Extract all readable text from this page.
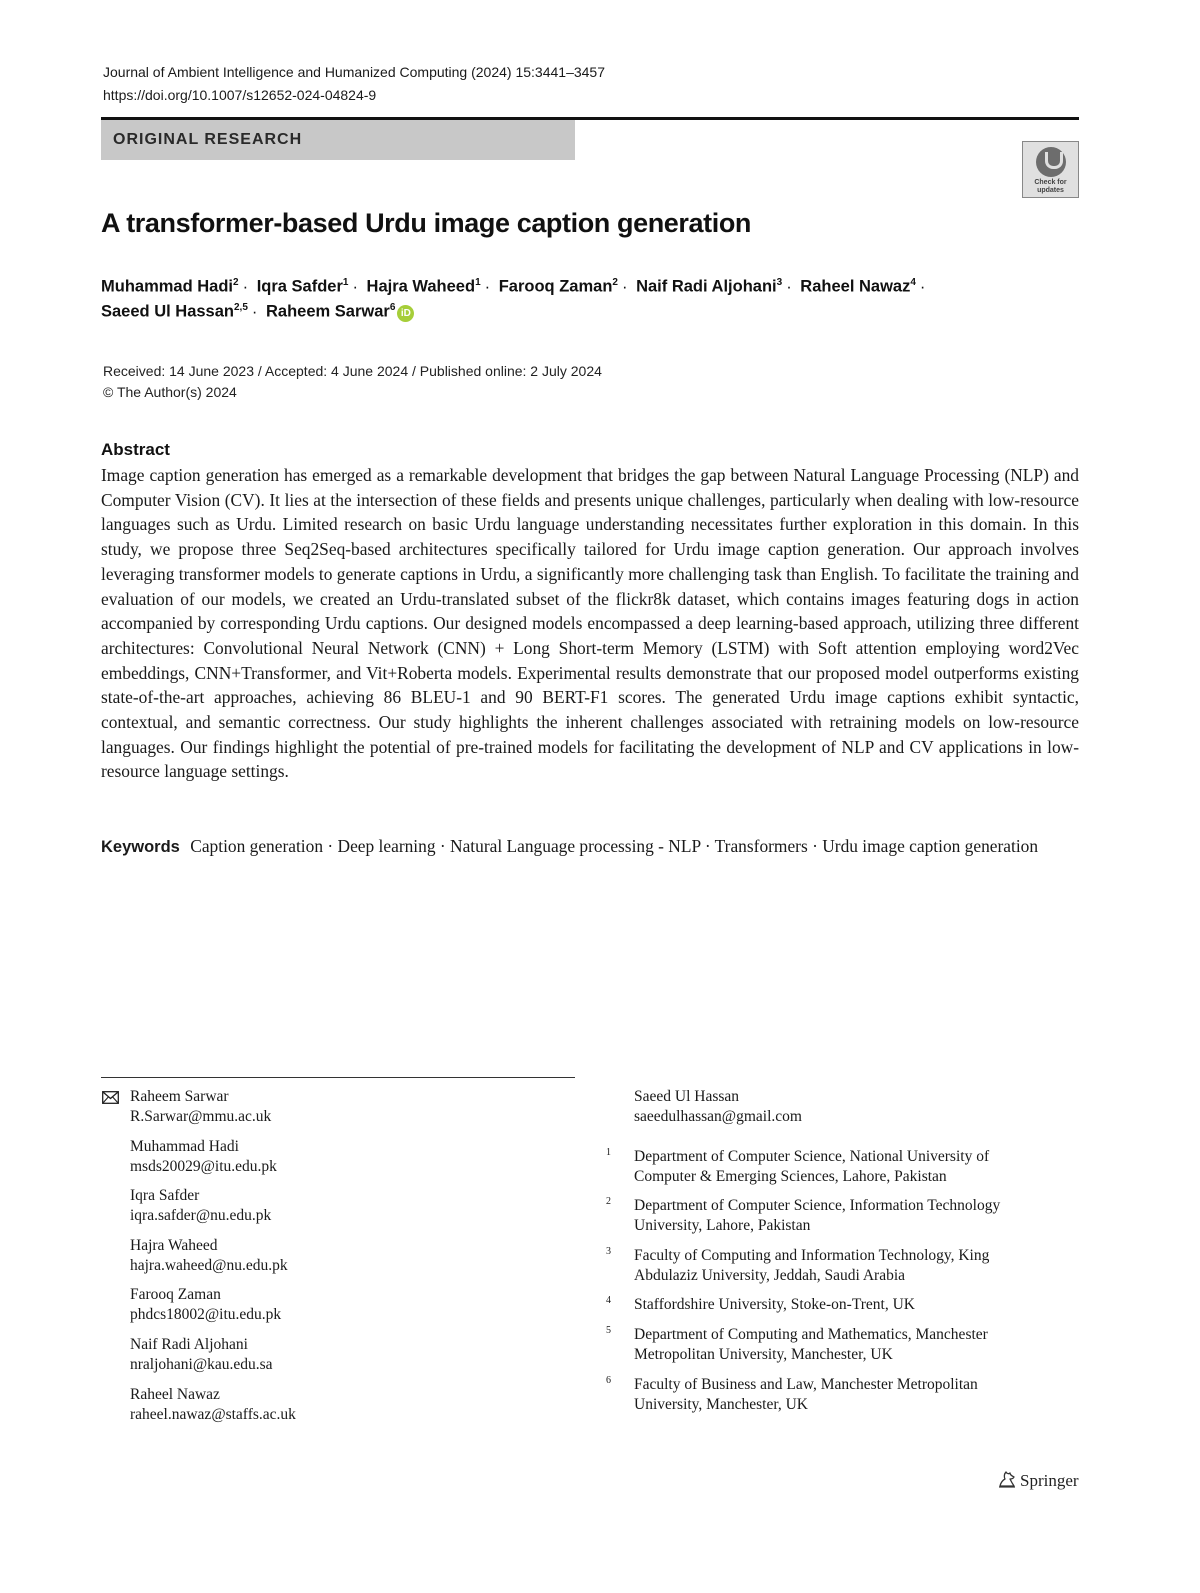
Journal of Ambient Intelligence and Humanized Computing (2024) 15:3441–3457
https://doi.org/10.1007/s12652-024-04824-9
ORIGINAL RESEARCH
Check for updates
A transformer-based Urdu image caption generation
Muhammad Hadi$^2$ · Iqra Safder$^1$ · Hajra Waheed$^1$ · Farooq Zaman$^2$ · Naif Radi Aljohani$^3$ · Raheel Nawaz$^4$ ·
Saeed Ul Hassan$^{2,5}$ · Raheem Sarwar$^6$ iD
Received: 14 June 2023 / Accepted: 4 June 2024 / Published online: 2 July 2024
© The Author(s) 2024
Abstract
Image caption generation has emerged as a remarkable development that bridges the gap between Natural Language Processing (NLP) and Computer Vision (CV). It lies at the intersection of these fields and presents unique challenges, particularly when dealing with low-resource languages such as Urdu. Limited research on basic Urdu language understanding necessitates further exploration in this domain. In this study, we propose three Seq2Seq-based architectures specifically tailored for Urdu image caption generation. Our approach involves leveraging transformer models to generate captions in Urdu, a significantly more challenging task than English. To facilitate the training and evaluation of our models, we created an Urdu-translated subset of the flickr8k dataset, which contains images featuring dogs in action accompanied by corresponding Urdu captions. Our designed models encompassed a deep learning-based approach, utilizing three different architectures: Convolutional Neural Network (CNN) + Long Short-term Memory (LSTM) with Soft attention employing word2Vec embeddings, CNN+Transformer, and Vit+Roberta models. Experimental results demonstrate that our proposed model outperforms existing state-of-the-art approaches, achieving 86 BLEU-1 and 90 BERT-F1 scores. The generated Urdu image captions exhibit syntactic, contextual, and semantic correctness. Our study highlights the inherent challenges associated with retraining models on low-resource languages. Our findings highlight the potential of pre-trained models for facilitating the development of NLP and CV applications in low-resource language settings.
Keywords Caption generation · Deep learning · Natural Language processing - NLP · Transformers · Urdu image caption generation
Raheem Sarwar
R.Sarwar@mmu.ac.uk
Muhammad Hadi
msds20029@itu.edu.pk
Iqra Safder
iqra.safder@nu.edu.pk
Hajra Waheed
hajra.waheed@nu.edu.pk
Farooq Zaman
phdcs18002@itu.edu.pk
Naif Radi Aljohani
nraljohani@kau.edu.sa
Raheel Nawaz
raheel.nawaz@staffs.ac.uk
Saeed Ul Hassan
saeedulhassan@gmail.com
1 Department of Computer Science, National University of
Computer & Emerging Sciences, Lahore, Pakistan
2 Department of Computer Science, Information Technology
University, Lahore, Pakistan
3 Faculty of Computing and Information Technology, King
Abdulaziz University, Jeddah, Saudi Arabia
4 Staffordshire University, Stoke-on-Trent, UK
5 Department of Computing and Mathematics, Manchester
Metropolitan University, Manchester, UK
6 Faculty of Business and Law, Manchester Metropolitan
University, Manchester, UK
Springer
